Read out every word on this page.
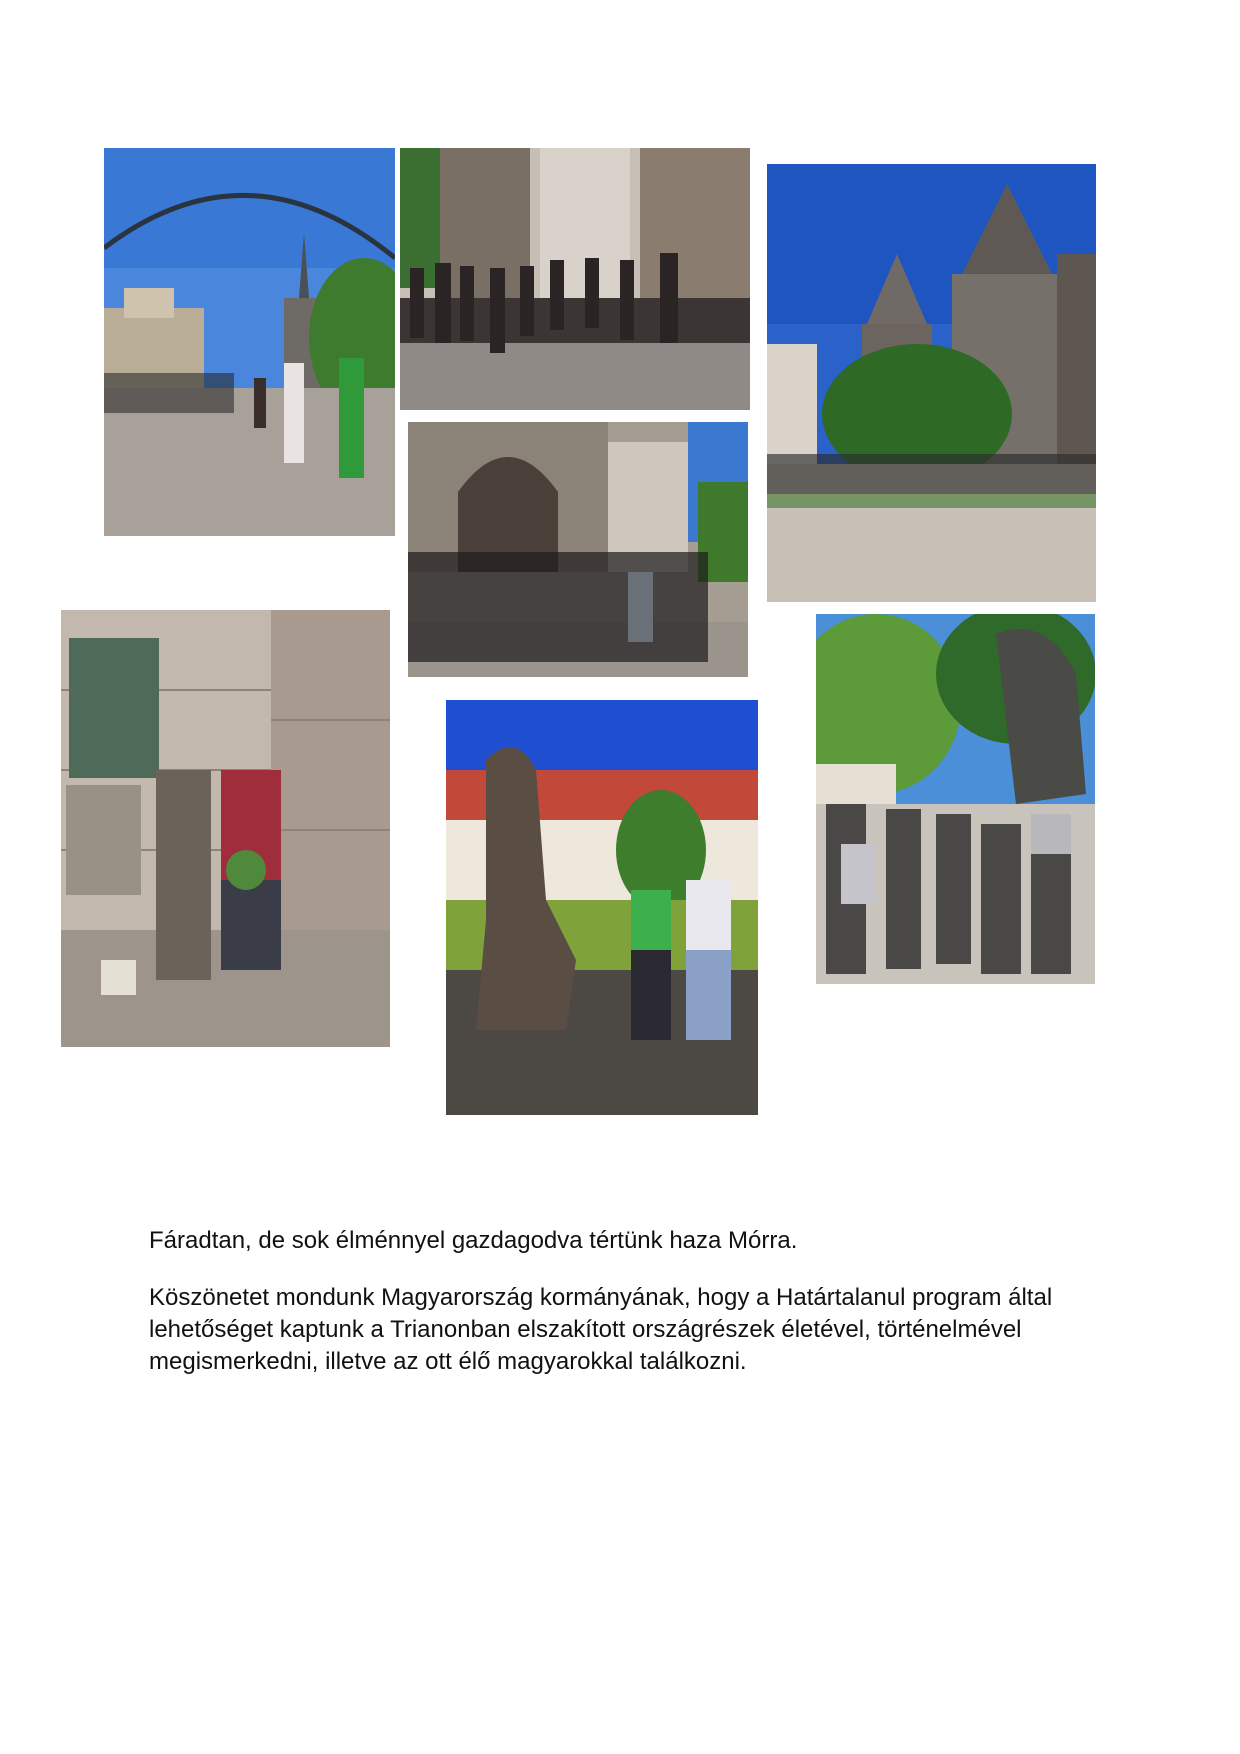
Fáradtan, de sok élménnyel gazdagodva tértünk haza Mórra.

Köszönetet mondunk Magyarország kormányának, hogy a Határtalanul program által lehetőséget kaptunk a Trianonban elszakított országrészek életével, történelmével megismerkedni, illetve az ott élő magyarokkal találkozni.
